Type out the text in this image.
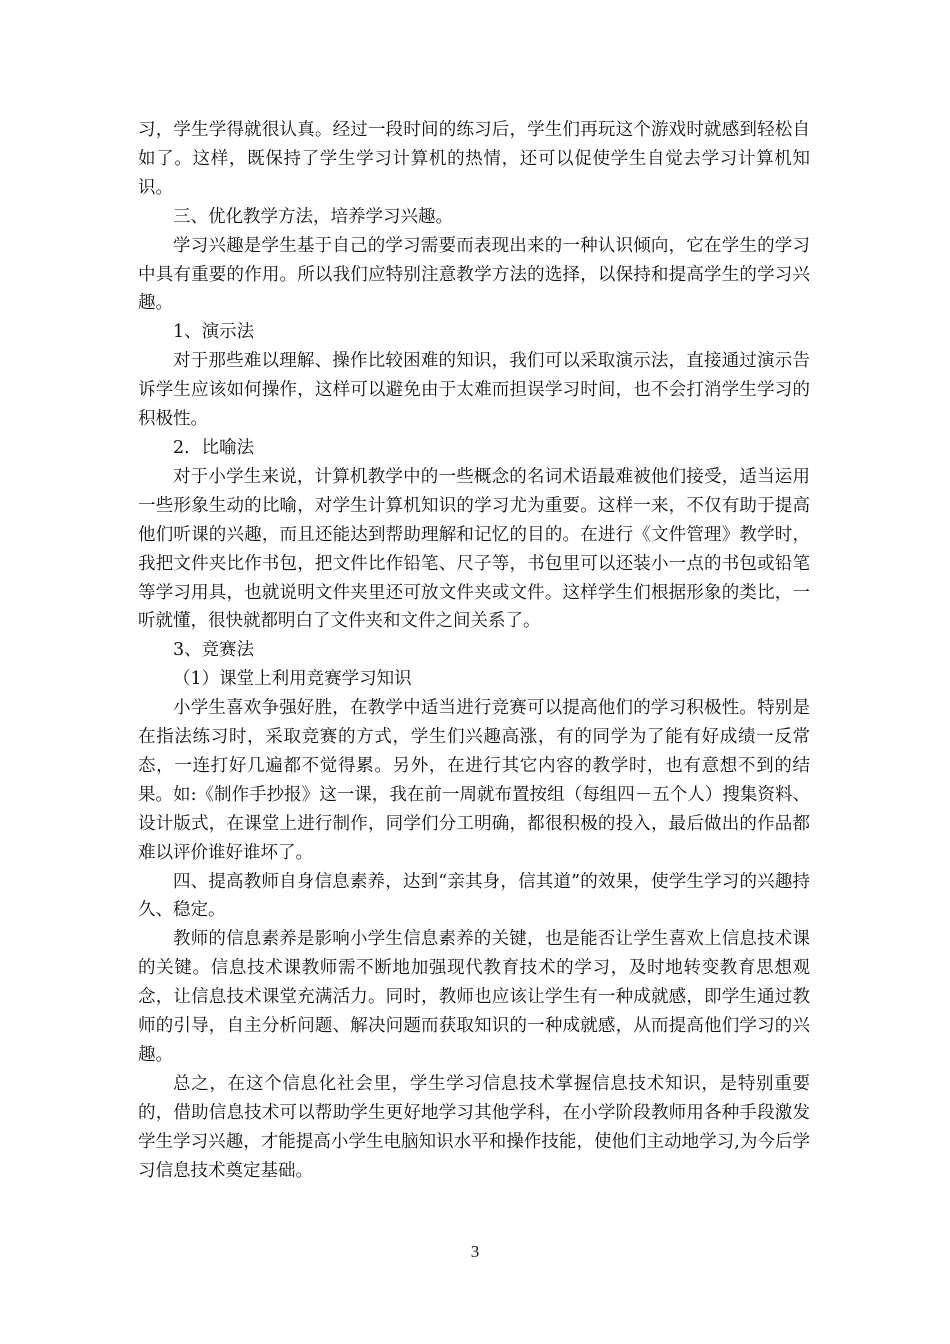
习，学生学得就很认真。经过一段时间的练习后，学生们再玩这个游戏时就感到轻松自如了。这样，既保持了学生学习计算机的热情，还可以促使学生自觉去学习计算机知识。

三、优化教学方法，培养学习兴趣。

学习兴趣是学生基于自己的学习需要而表现出来的一种认识倾向，它在学生的学习中具有重要的作用。所以我们应特别注意教学方法的选择，以保持和提高学生的学习兴趣。

1、演示法

对于那些难以理解、操作比较困难的知识，我们可以采取演示法，直接通过演示告诉学生应该如何操作，这样可以避免由于太难而担误学习时间，也不会打消学生学习的积极性。

2．比喻法

对于小学生来说，计算机教学中的一些概念的名词术语最难被他们接受，适当运用一些形象生动的比喻，对学生计算机知识的学习尤为重要。这样一来，不仅有助于提高他们听课的兴趣，而且还能达到帮助理解和记忆的目的。在进行《文件管理》教学时，我把文件夹比作书包，把文件比作铅笔、尺子等，书包里可以还装小一点的书包或铅笔等学习用具，也就说明文件夹里还可放文件夹或文件。这样学生们根据形象的类比，一听就懂，很快就都明白了文件夹和文件之间关系了。

3、竞赛法

（1）课堂上利用竞赛学习知识

小学生喜欢争强好胜，在教学中适当进行竞赛可以提高他们的学习积极性。特别是在指法练习时，采取竞赛的方式，学生们兴趣高涨，有的同学为了能有好成绩一反常态，一连打好几遍都不觉得累。另外，在进行其它内容的教学时，也有意想不到的结果。如:《制作手抄报》这一课，我在前一周就布置按组（每组四－五个人）搜集资料、设计版式，在课堂上进行制作，同学们分工明确，都很积极的投入，最后做出的作品都难以评价谁好谁坏了。

四、提高教师自身信息素养，达到“亲其身，信其道”的效果，使学生学习的兴趣持久、稳定。

教师的信息素养是影响小学生信息素养的关键，也是能否让学生喜欢上信息技术课的关键。信息技术课教师需不断地加强现代教育技术的学习，及时地转变教育思想观念，让信息技术课堂充满活力。同时，教师也应该让学生有一种成就感，即学生通过教师的引导，自主分析问题、解决问题而获取知识的一种成就感，从而提高他们学习的兴趣。

总之，在这个信息化社会里，学生学习信息技术掌握信息技术知识，是特别重要的，借助信息技术可以帮助学生更好地学习其他学科，在小学阶段教师用各种手段激发学生学习兴趣，才能提高小学生电脑知识水平和操作技能，使他们主动地学习,为今后学习信息技术奠定基础。

3
